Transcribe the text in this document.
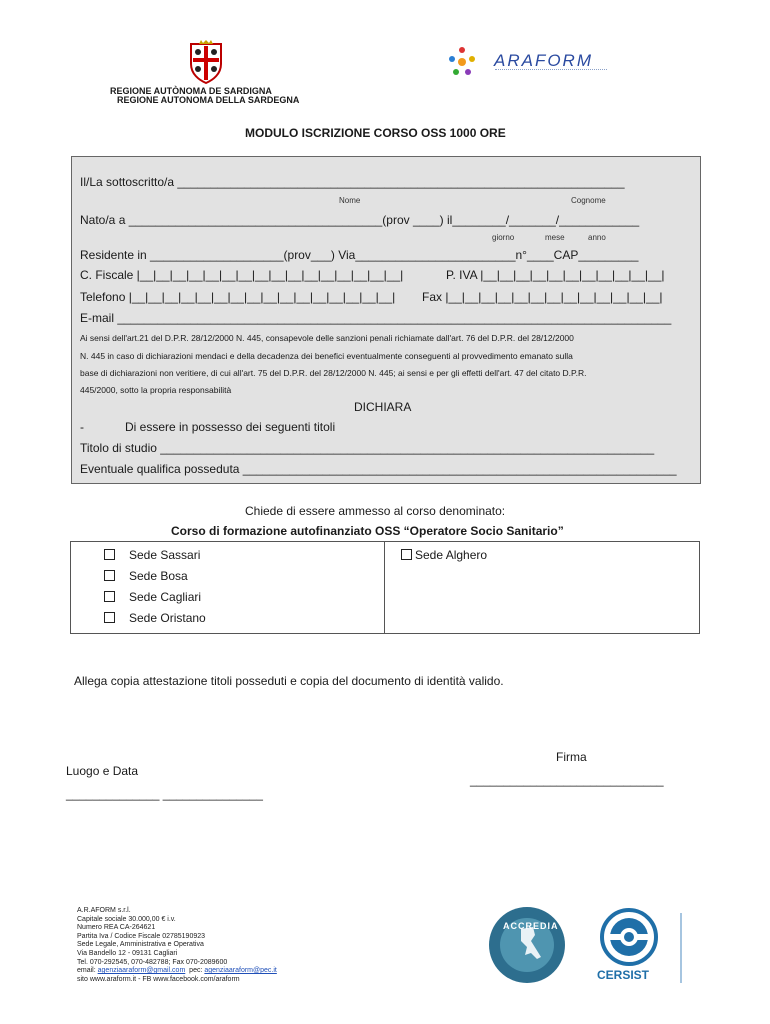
REGIONE AUTÒNOMA DE SARDIGNA
REGIONE AUTONOMA DELLA SARDEGNA
ARAFORM
MODULO ISCRIZIONE CORSO OSS 1000 ORE
Il/La sottoscritto/a ___________________________________________________________________
Nome	Cognome
Nato/a a ______________________________________(prov ____) il________/_______/____________
giorno	mese	anno
Residente in ____________________(prov___) Via________________________n°____CAP_________
C. Fiscale |__|__|__|__|__|__|__|__|__|__|__|__|__|__|__|__|	P. IVA |__|__|__|__|__|__|__|__|__|__|__|
Telefono |__|__|__|__|__|__|__|__|__|__|__|__|__|__|__|__| Fax |__|__|__|__|__|__|__|__|__|__|__|__|__|
E-mail ___________________________________________________________________________________
Ai sensi dell'art.21 del D.P.R. 28/12/2000 N. 445, consapevole delle sanzioni penali richiamate dall'art. 76 del D.P.R. del 28/12/2000
N. 445 in caso di dichiarazioni mendaci e della decadenza dei benefici eventualmente conseguenti al provvedimento emanato sulla
base di dichiarazioni non veritiere, di cui all'art. 75 del D.P.R. del 28/12/2000 N. 445; ai sensi e per gli effetti dell'art. 47 del citato D.P.R.
445/2000, sotto la propria responsabilità
DICHIARA
-	Di essere in possesso dei seguenti titoli
Titolo di studio __________________________________________________________________________
Eventuale qualifica posseduta _________________________________________________________________
Chiede di essere ammesso al corso denominato:
Corso di formazione autofinanziato OSS “Operatore Socio Sanitario”
Sede Sassari
Sede Bosa
Sede Cagliari
Sede Oristano
Sede Alghero
Allega copia attestazione titoli posseduti e copia del documento di identità valido.
Firma
_____________________________
Luogo e Data
______________ _______________
A.R.AFORM s.r.l.
Capitale sociale 30.000,00 € i.v.
Numero REA CA-264621
Partita Iva / Codice Fiscale 02785190923
Sede Legale, Amministrativa e Operativa
Via Bandello 12 - 09131 Cagliari
Tel. 070-292545, 070-482788; Fax 070-2089600
email: agenziaaraform@gmail.com pec: agenziaaraform@pec.it
sito www.araform.it - FB www.facebook.com/araform
ACCREDIA
CERSIST
